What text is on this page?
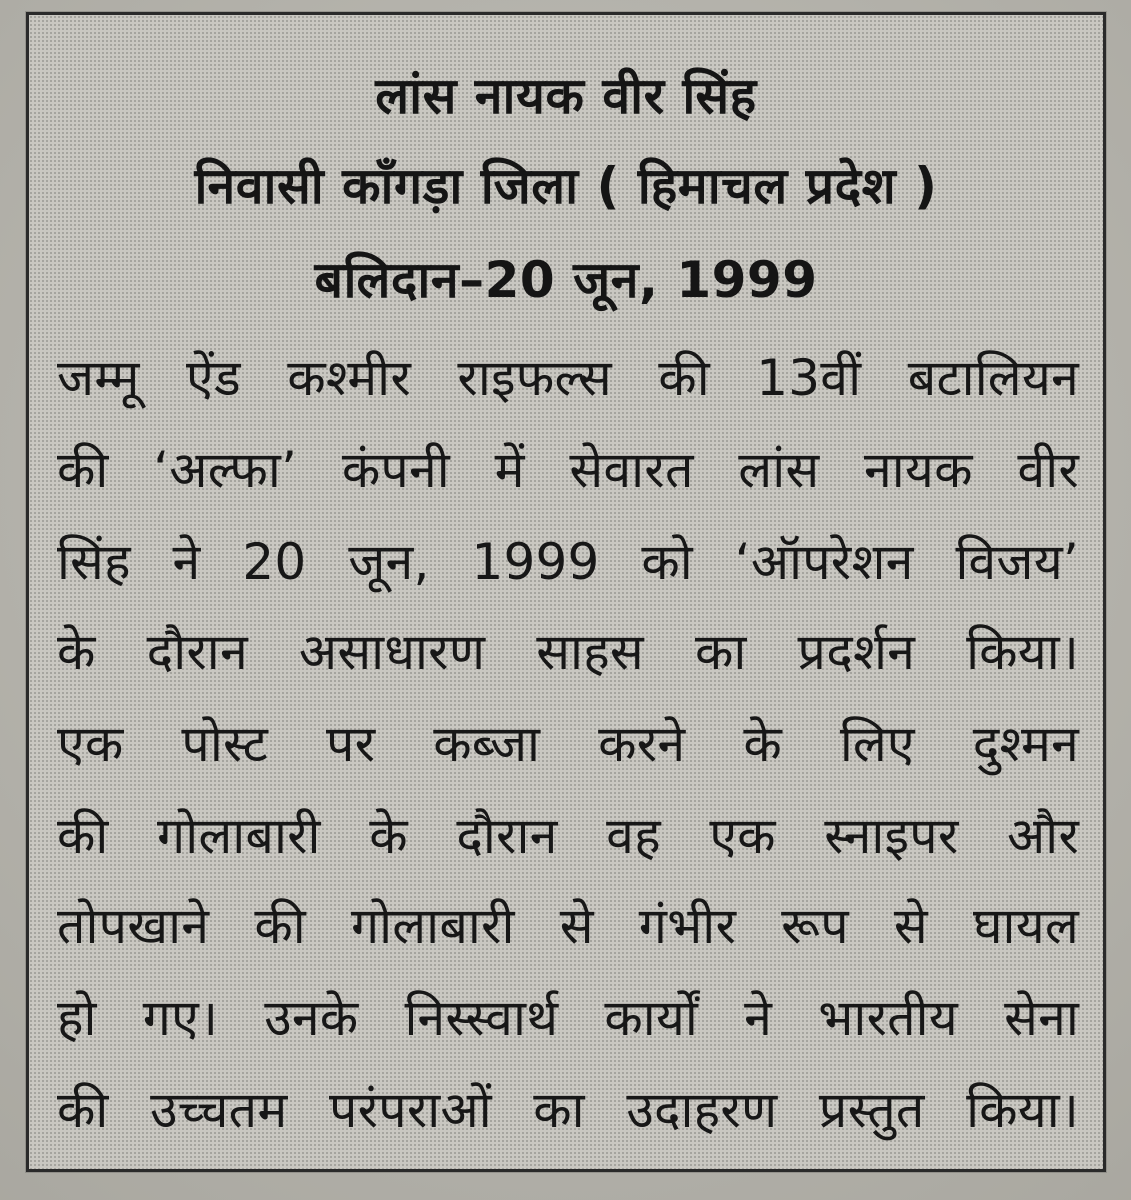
लांस नायक वीर सिंह
निवासी काँगड़ा जिला ( हिमाचल प्रदेश )
बलिदान–20 जून, 1999
जम्मू ऐंड कश्मीर राइफल्स की 13वीं बटालियन
की ‘अल्फा’ कंपनी में सेवारत लांस नायक वीर
सिंह ने 20 जून, 1999 को ‘ऑपरेशन विजय’
के दौरान असाधारण साहस का प्रदर्शन किया।
एक पोस्ट पर कब्जा करने के लिए दुश्मन
की गोलाबारी के दौरान वह एक स्नाइपर और
तोपखाने की गोलाबारी से गंभीर रूप से घायल
हो गए। उनके निस्स्वार्थ कार्यों ने भारतीय सेना
की उच्चतम परंपराओं का उदाहरण प्रस्तुत किया।
